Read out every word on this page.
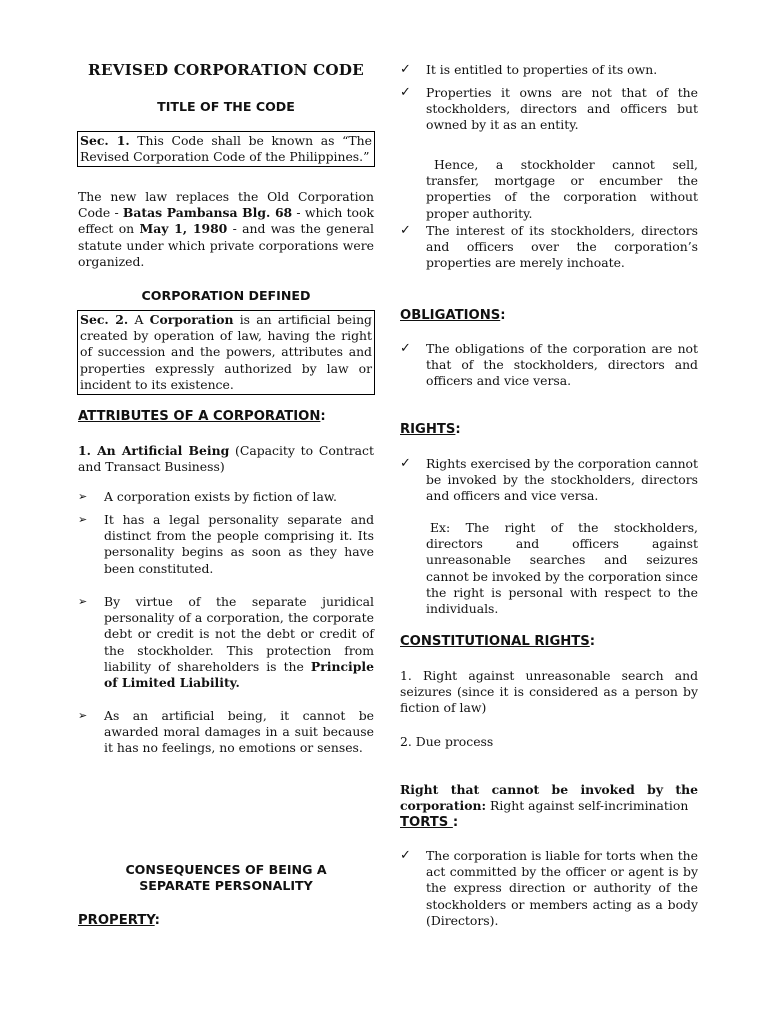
REVISED CORPORATION CODE
TITLE OF THE CODE
Sec. 1. This Code shall be known as “The Revised Corporation Code of the Philippines.”
The new law replaces the Old Corporation Code - Batas Pambansa Blg. 68 - which took effect on May 1, 1980 - and was the general statute under which private corporations were organized.
CORPORATION DEFINED
Sec. 2. A Corporation is an artificial being created by operation of law, having the right of succession and the powers, attributes and properties expressly authorized by law or incident to its existence.
ATTRIBUTES OF A CORPORATION:
1. An Artificial Being (Capacity to Contract and Transact Business)
➢	A corporation exists by fiction of law.
➢	It has a legal personality separate and distinct from the people comprising it. Its personality begins as soon as they have been constituted.
➢	By virtue of the separate juridical personality of a corporation, the corporate debt or credit is not the debt or credit of the stockholder. This protection from liability of shareholders is the Principle of Limited Liability.
➢	As an artificial being, it cannot be awarded moral damages in a suit because it has no feelings, no emotions or senses.
CONSEQUENCES OF BEING A SEPARATE PERSONALITY
PROPERTY:
✓	It is entitled to properties of its own.
✓	Properties it owns are not that of the stockholders, directors and officers but owned by it as an entity.
Hence, a stockholder cannot sell, transfer, mortgage or encumber the properties of the corporation without proper authority.
✓	The interest of its stockholders, directors and officers over the corporation’s properties are merely inchoate.
OBLIGATIONS:
✓	The obligations of the corporation are not that of the stockholders, directors and officers and vice versa.
RIGHTS:
✓	Rights exercised by the corporation cannot be invoked by the stockholders, directors and officers and vice versa.
Ex: The right of the stockholders, directors and officers against unreasonable searches and seizures cannot be invoked by the corporation since the right is personal with respect to the individuals.
CONSTITUTIONAL RIGHTS:
1. Right against unreasonable search and seizures (since it is considered as a person by fiction of law)
2. Due process
Right that cannot be invoked by the corporation: Right against self-incrimination
TORTS :
✓	The corporation is liable for torts when the act committed by the officer or agent is by the express direction or authority of the stockholders or members acting as a body (Directors).
